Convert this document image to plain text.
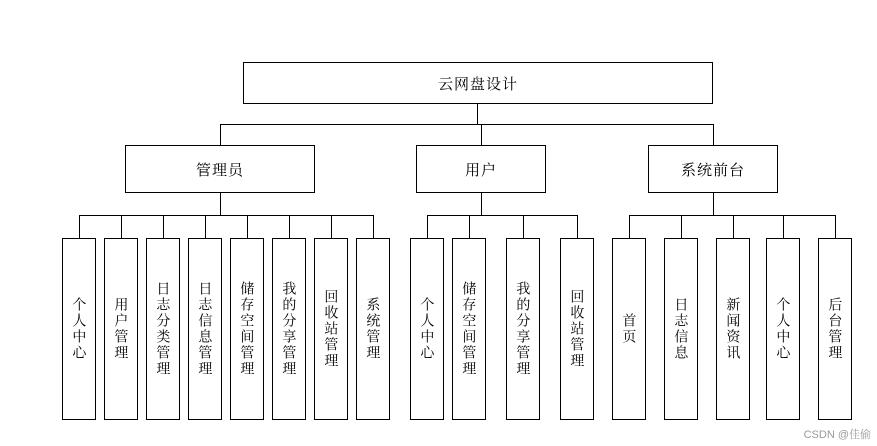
云网盘设计
管理员	用户	系统前台
个人中心	用户管理	日志分类管理	日志信息管理	储存空间管理	我的分享管理	回收站管理	系统管理	个人中心	储存空间管理	我的分享管理	回收站管理	首页	日志信息	新闻资讯	个人中心	后台管理
CSDN @佳偷
